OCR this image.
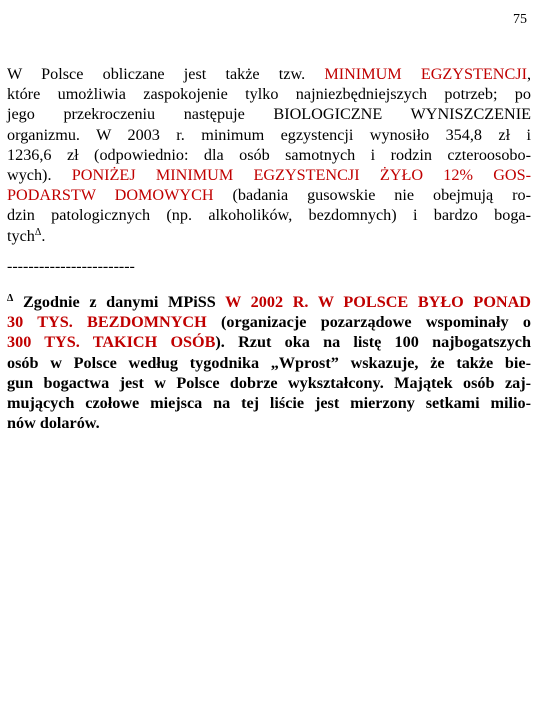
75
W Polsce obliczane jest także tzw. MINIMUM EGZYSTENCJI,
które umożliwia zaspokojenie tylko najniezbędniejszych potrzeb; po
jego przekroczeniu następuje BIOLOGICZNE WYNISZCZENIE
organizmu. W 2003 r. minimum egzystencji wynosiło 354,8 zł i
1236,6 zł (odpowiednio: dla osób samotnych i rodzin czteroosobo-
wych). PONIŻEJ MINIMUM EGZYSTENCJI ŻYŁO 12% GOS-
PODARSTW DOMOWYCH (badania gusowskie nie obejmują ro-
dzin patologicznych (np. alkoholików, bezdomnych) i bardzo boga-
tych$^\Delta$.
------------------------
$^\Delta$ Zgodnie z danymi MPiSS W 2002 R. W POLSCE BYŁO PONAD
30 TYS. BEZDOMNYCH (organizacje pozarządowe wspominały o
300 TYS. TAKICH OSÓB). Rzut oka na listę 100 najbogatszych
osób w Polsce według tygodnika „Wprost” wskazuje, że także bie-
gun bogactwa jest w Polsce dobrze wykształcony. Majątek osób zaj-
mujących czołowe miejsca na tej liście jest mierzony setkami milio-
nów dolarów.
